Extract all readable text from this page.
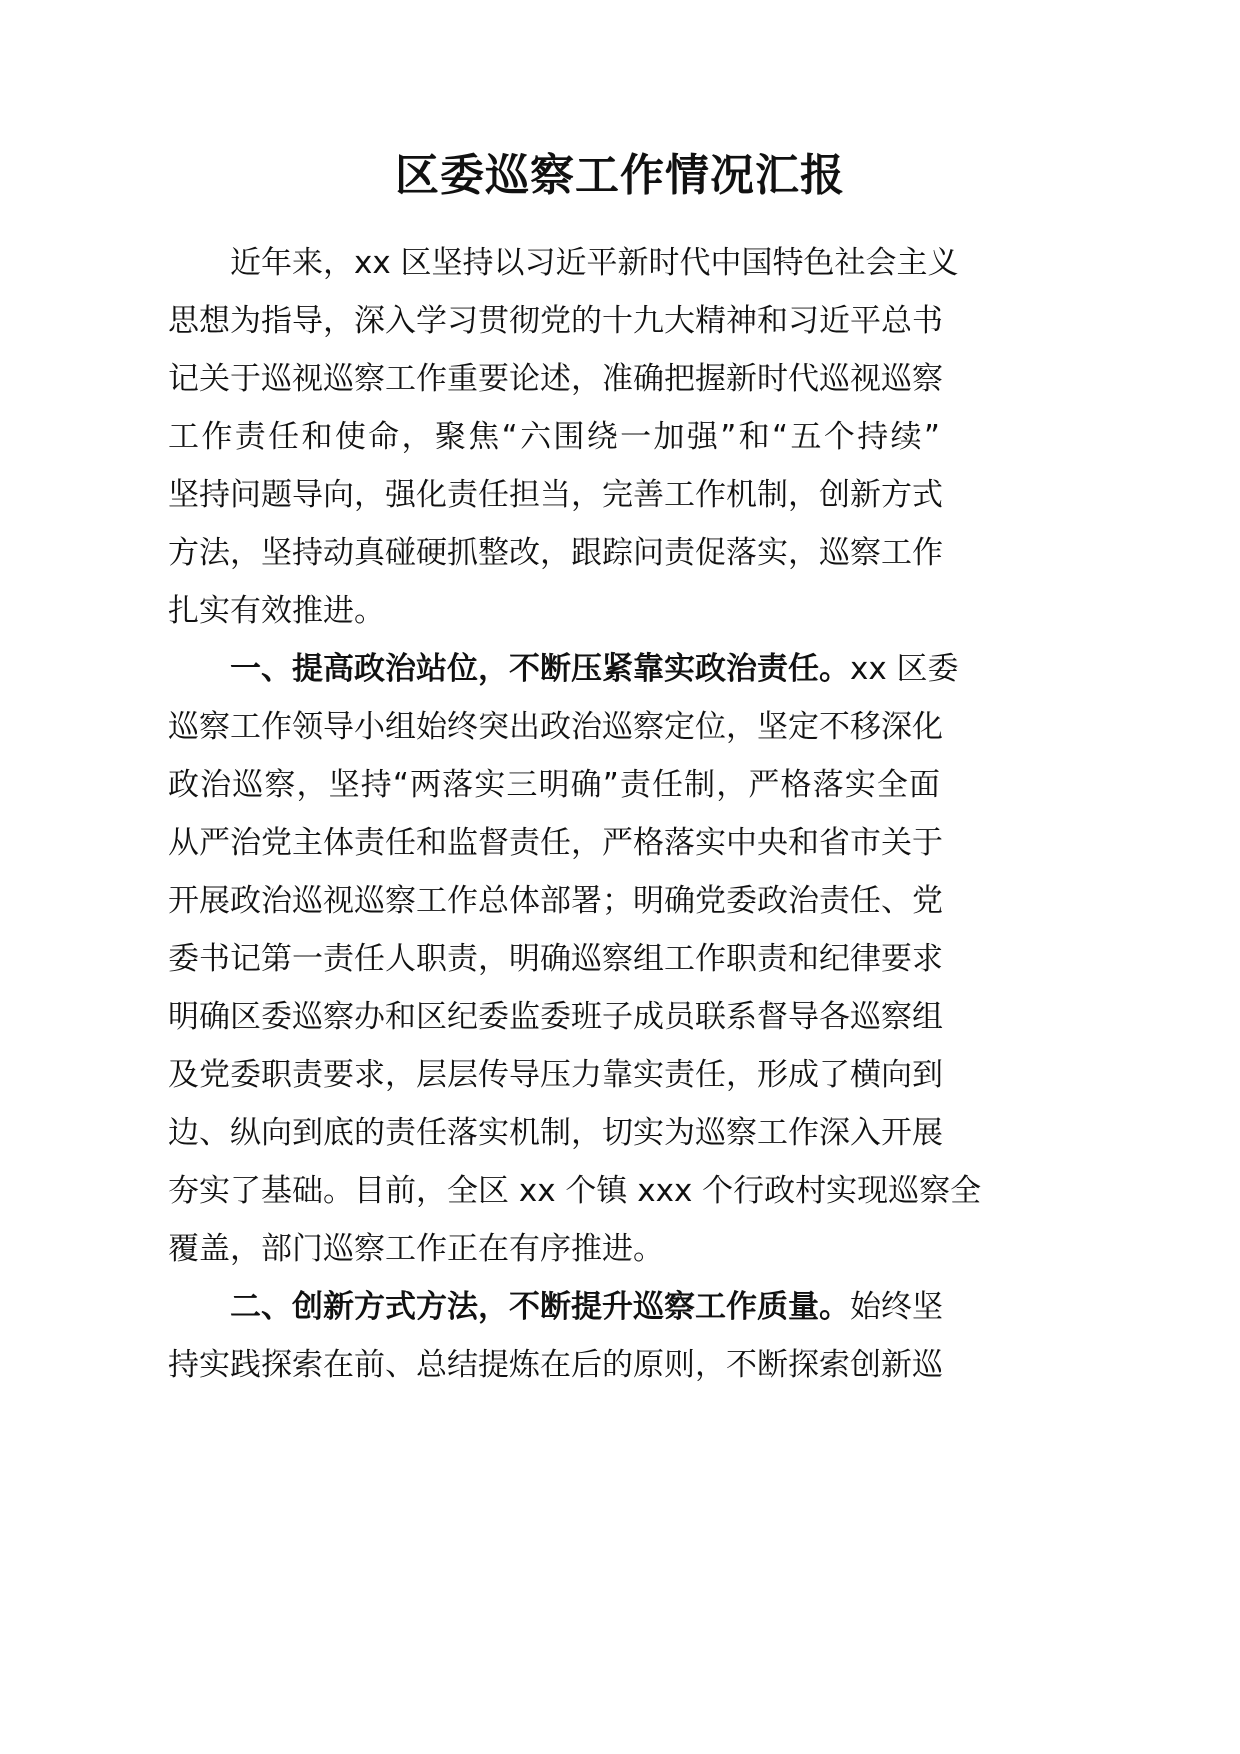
区委巡察工作情况汇报
近年来，xx 区坚持以习近平新时代中国特色社会主义
思想为指导，深入学习贯彻党的十九大精神和习近平总书
记关于巡视巡察工作重要论述，准确把握新时代巡视巡察
工作责任和使命，聚焦“六围绕一加强”和“五个持续”
坚持问题导向，强化责任担当，完善工作机制，创新方式
方法，坚持动真碰硬抓整改，跟踪问责促落实，巡察工作
扎实有效推进。
一、提高政治站位，不断压紧靠实政治责任。xx 区委
巡察工作领导小组始终突出政治巡察定位，坚定不移深化
政治巡察，坚持“两落实三明确”责任制，严格落实全面
从严治党主体责任和监督责任，严格落实中央和省市关于
开展政治巡视巡察工作总体部署；明确党委政治责任、党
委书记第一责任人职责，明确巡察组工作职责和纪律要求
明确区委巡察办和区纪委监委班子成员联系督导各巡察组
及党委职责要求，层层传导压力靠实责任，形成了横向到
边、纵向到底的责任落实机制，切实为巡察工作深入开展
夯实了基础。目前，全区 xx 个镇 xxx 个行政村实现巡察全
覆盖，部门巡察工作正在有序推进。
二、创新方式方法，不断提升巡察工作质量。始终坚
持实践探索在前、总结提炼在后的原则，不断探索创新巡
